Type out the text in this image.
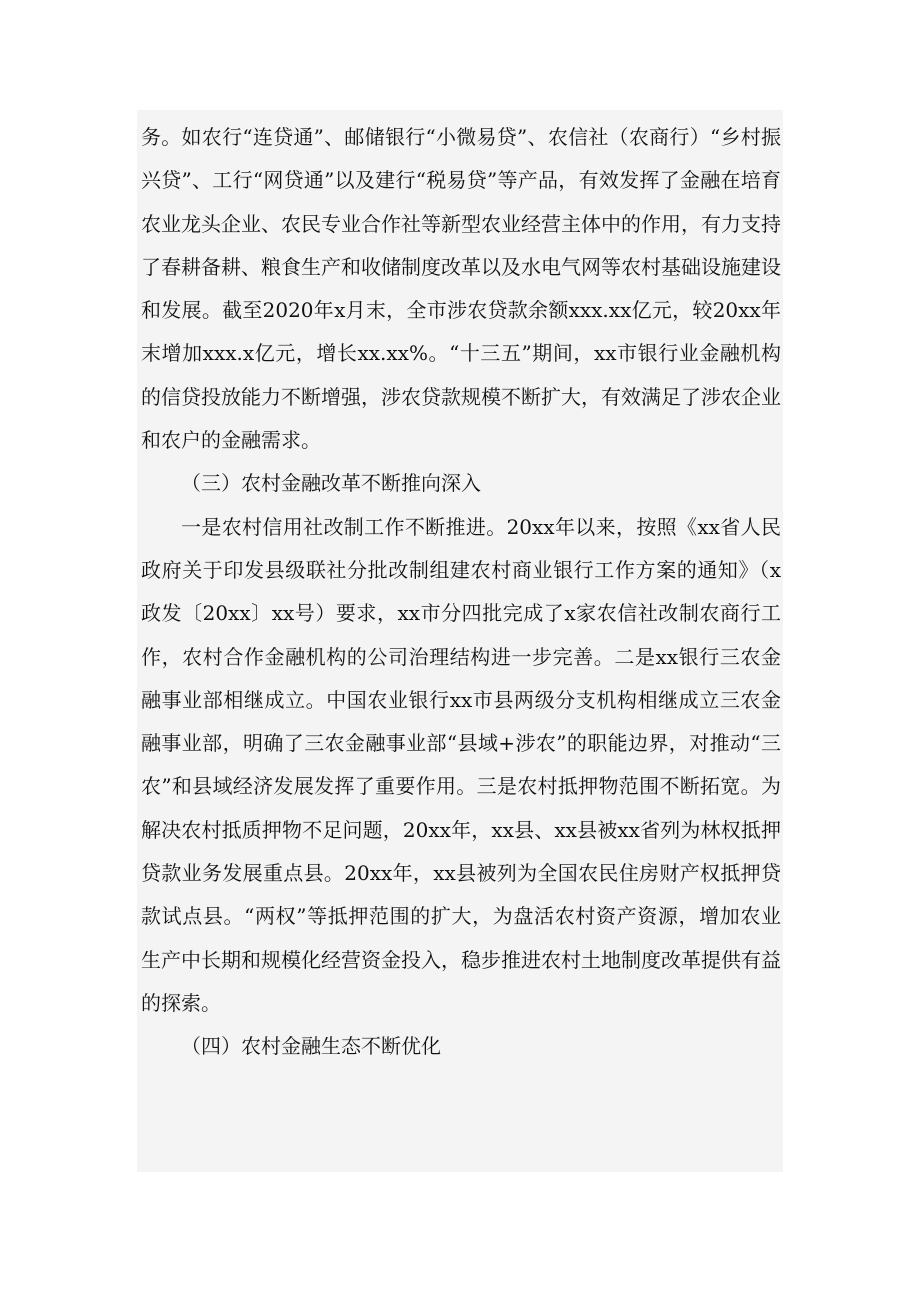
务。如农行“连贷通”、邮储银行“小微易贷”、农信社（农商行）“乡村振兴贷”、工行“网贷通”以及建行“税易贷”等产品，有效发挥了金融在培育农业龙头企业、农民专业合作社等新型农业经营主体中的作用，有力支持了春耕备耕、粮食生产和收储制度改革以及水电气网等农村基础设施建设和发展。截至2020年x月末，全市涉农贷款余额xxx.xx亿元，较20xx年末增加xxx.x亿元，增长xx.xx%。“十三五”期间，xx市银行业金融机构的信贷投放能力不断增强，涉农贷款规模不断扩大，有效满足了涉农企业和农户的金融需求。

（三）农村金融改革不断推向深入

一是农村信用社改制工作不断推进。20xx年以来，按照《xx省人民政府关于印发县级联社分批改制组建农村商业银行工作方案的通知》（x政发〔20xx〕xx号）要求，xx市分四批完成了x家农信社改制农商行工作，农村合作金融机构的公司治理结构进一步完善。二是xx银行三农金融事业部相继成立。中国农业银行xx市县两级分支机构相继成立三农金融事业部，明确了三农金融事业部“县域+涉农”的职能边界，对推动“三农”和县域经济发展发挥了重要作用。三是农村抵押物范围不断拓宽。为解决农村抵质押物不足问题，20xx年，xx县、xx县被xx省列为林权抵押贷款业务发展重点县。20xx年，xx县被列为全国农民住房财产权抵押贷款试点县。“两权”等抵押范围的扩大，为盘活农村资产资源，增加农业生产中长期和规模化经营资金投入，稳步推进农村土地制度改革提供有益的探索。

（四）农村金融生态不断优化
